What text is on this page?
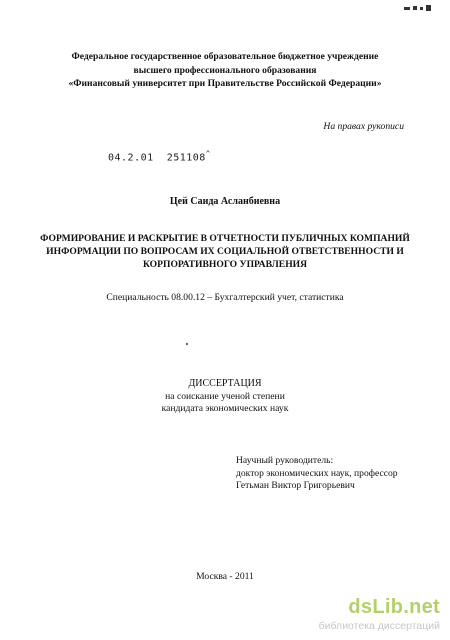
Федеральное государственное образовательное бюджетное учреждение
высшего профессионального образования
«Финансовый университет при Правительстве Российской Федерации»
На правах рукописи
04.2.01 251108^
Цей Саида Асланбиевна
ФОРМИРОВАНИЕ И РАСКРЫТИЕ В ОТЧЕТНОСТИ ПУБЛИЧНЫХ КОМПАНИЙ
ИНФОРМАЦИИ ПО ВОПРОСАМ ИХ СОЦИАЛЬНОЙ ОТВЕТСТВЕННОСТИ И
КОРПОРАТИВНОГО УПРАВЛЕНИЯ
Специальность 08.00.12 – Бухгалтерский учет, статистика
ДИССЕРТАЦИЯ
на соискание ученой степени
кандидата экономических наук
Научный руководитель:
доктор экономических наук, профессор
Гетьман Виктор Григорьевич
Москва - 2011
dsLib.net
библиотека диссертаций
